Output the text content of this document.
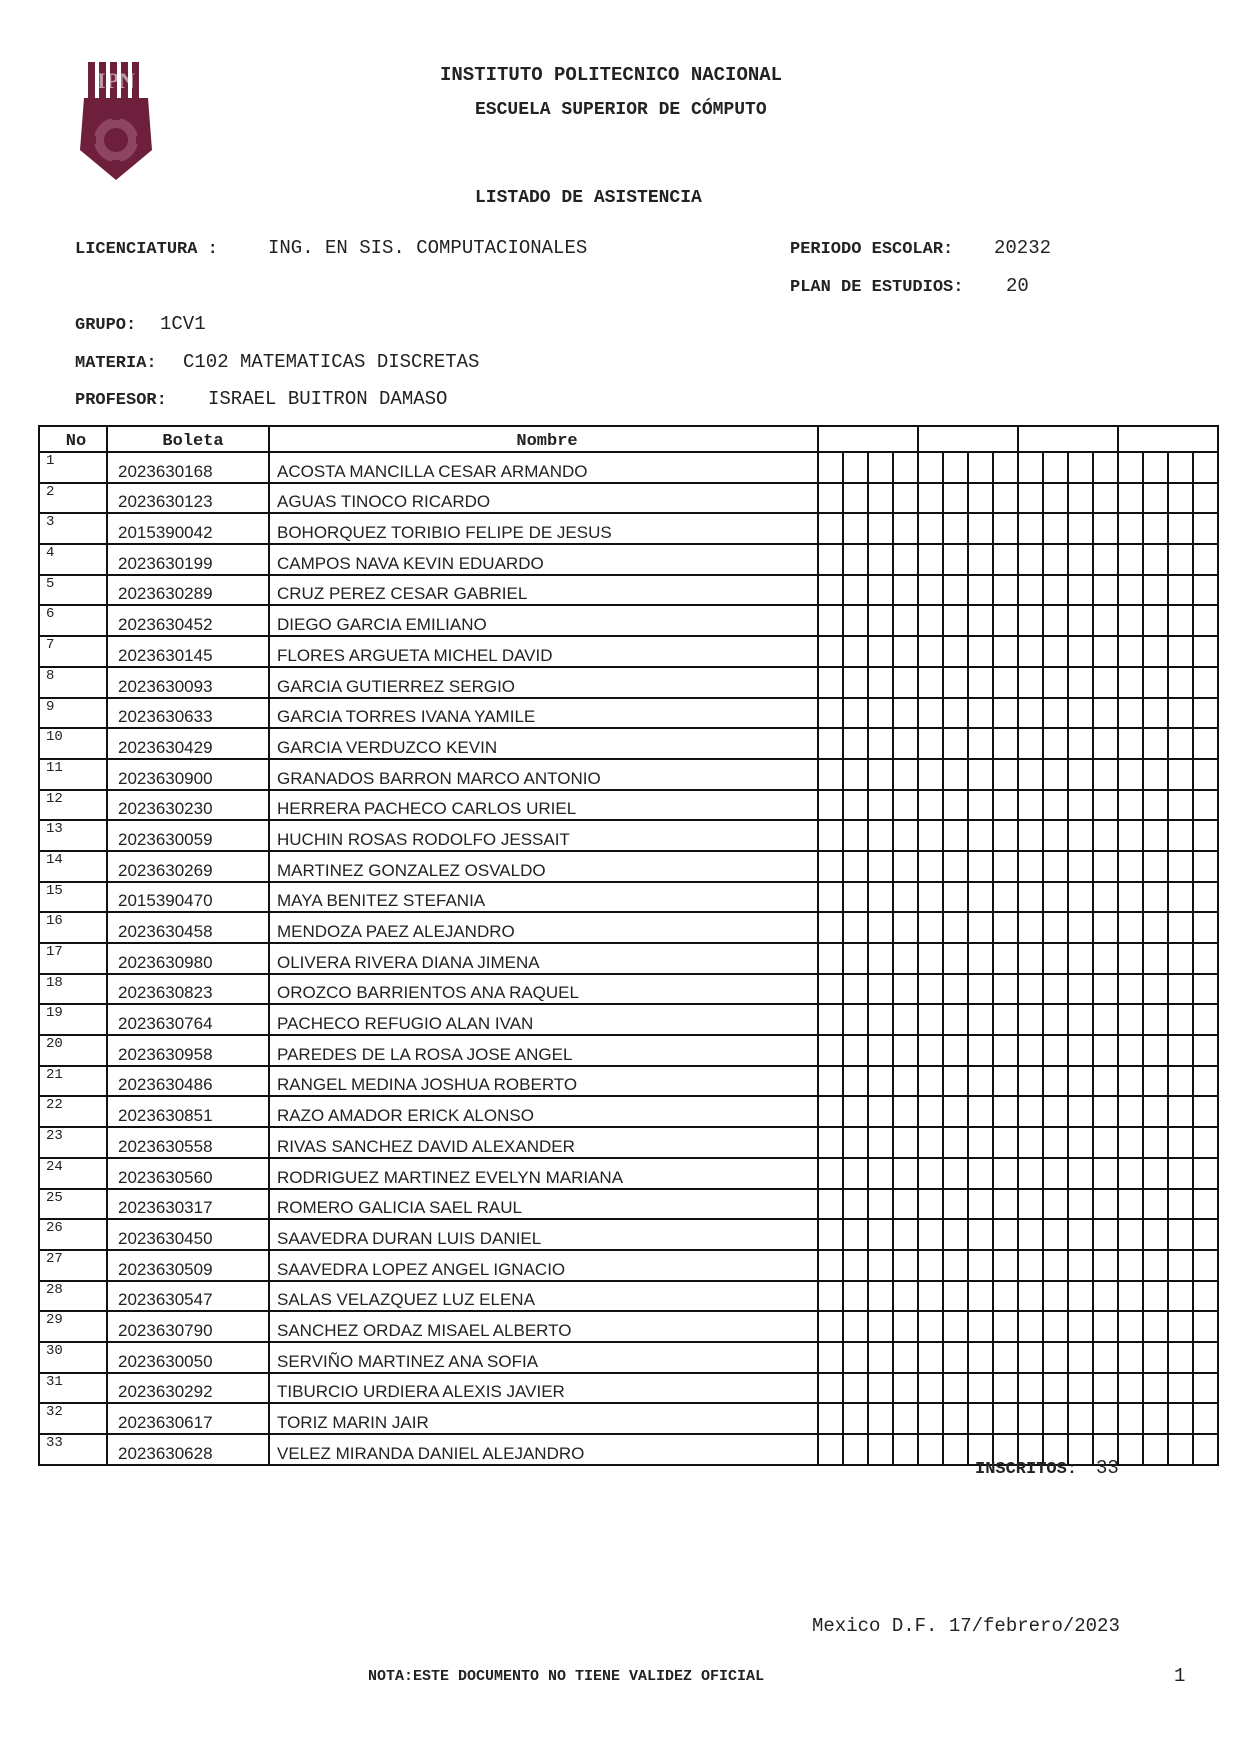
IPN	INSTITUTO POLITECNICO NACIONAL
ESCUELA SUPERIOR DE CÓMPUTO
LISTADO DE ASISTENCIA
LICENCIATURA :	ING. EN SIS. COMPUTACIONALES	PERIODO ESCOLAR: 20232
PLAN DE ESTUDIOS: 20
GRUPO: 1CV1
MATERIA: C102 MATEMATICAS DISCRETAS
PROFESOR: ISRAEL BUITRON DAMASO
No	Boleta	Nombre																
1	2023630168	ACOSTA MANCILLA CESAR ARMANDO																
2	2023630123	AGUAS TINOCO RICARDO																
3	2015390042	BOHORQUEZ TORIBIO FELIPE DE JESUS																
4	2023630199	CAMPOS NAVA KEVIN EDUARDO																
5	2023630289	CRUZ PEREZ CESAR GABRIEL																
6	2023630452	DIEGO GARCIA EMILIANO																
7	2023630145	FLORES ARGUETA MICHEL DAVID																
8	2023630093	GARCIA GUTIERREZ SERGIO																
9	2023630633	GARCIA TORRES IVANA YAMILE																
10	2023630429	GARCIA VERDUZCO KEVIN																
11	2023630900	GRANADOS BARRON MARCO ANTONIO																
12	2023630230	HERRERA PACHECO CARLOS URIEL																
13	2023630059	HUCHIN ROSAS RODOLFO JESSAIT																
14	2023630269	MARTINEZ GONZALEZ OSVALDO																
15	2015390470	MAYA BENITEZ STEFANIA																
16	2023630458	MENDOZA PAEZ ALEJANDRO																
17	2023630980	OLIVERA RIVERA DIANA JIMENA																
18	2023630823	OROZCO BARRIENTOS ANA RAQUEL																
19	2023630764	PACHECO REFUGIO ALAN IVAN																
20	2023630958	PAREDES DE LA ROSA JOSE ANGEL																
21	2023630486	RANGEL MEDINA JOSHUA ROBERTO																
22	2023630851	RAZO AMADOR ERICK ALONSO																
23	2023630558	RIVAS SANCHEZ DAVID ALEXANDER																
24	2023630560	RODRIGUEZ MARTINEZ EVELYN MARIANA																
25	2023630317	ROMERO GALICIA SAEL RAUL																
26	2023630450	SAAVEDRA DURAN LUIS DANIEL																
27	2023630509	SAAVEDRA LOPEZ ANGEL IGNACIO																
28	2023630547	SALAS VELAZQUEZ LUZ ELENA																
29	2023630790	SANCHEZ ORDAZ MISAEL ALBERTO																
30	2023630050	SERVIÑO MARTINEZ ANA SOFIA																
31	2023630292	TIBURCIO URDIERA ALEXIS JAVIER																
32	2023630617	TORIZ MARIN JAIR																
33	2023630628	VELEZ MIRANDA DANIEL ALEJANDRO																
INSCRITOS: 33
Mexico D.F. 17/febrero/2023
NOTA:ESTE DOCUMENTO NO TIENE VALIDEZ OFICIAL	1
